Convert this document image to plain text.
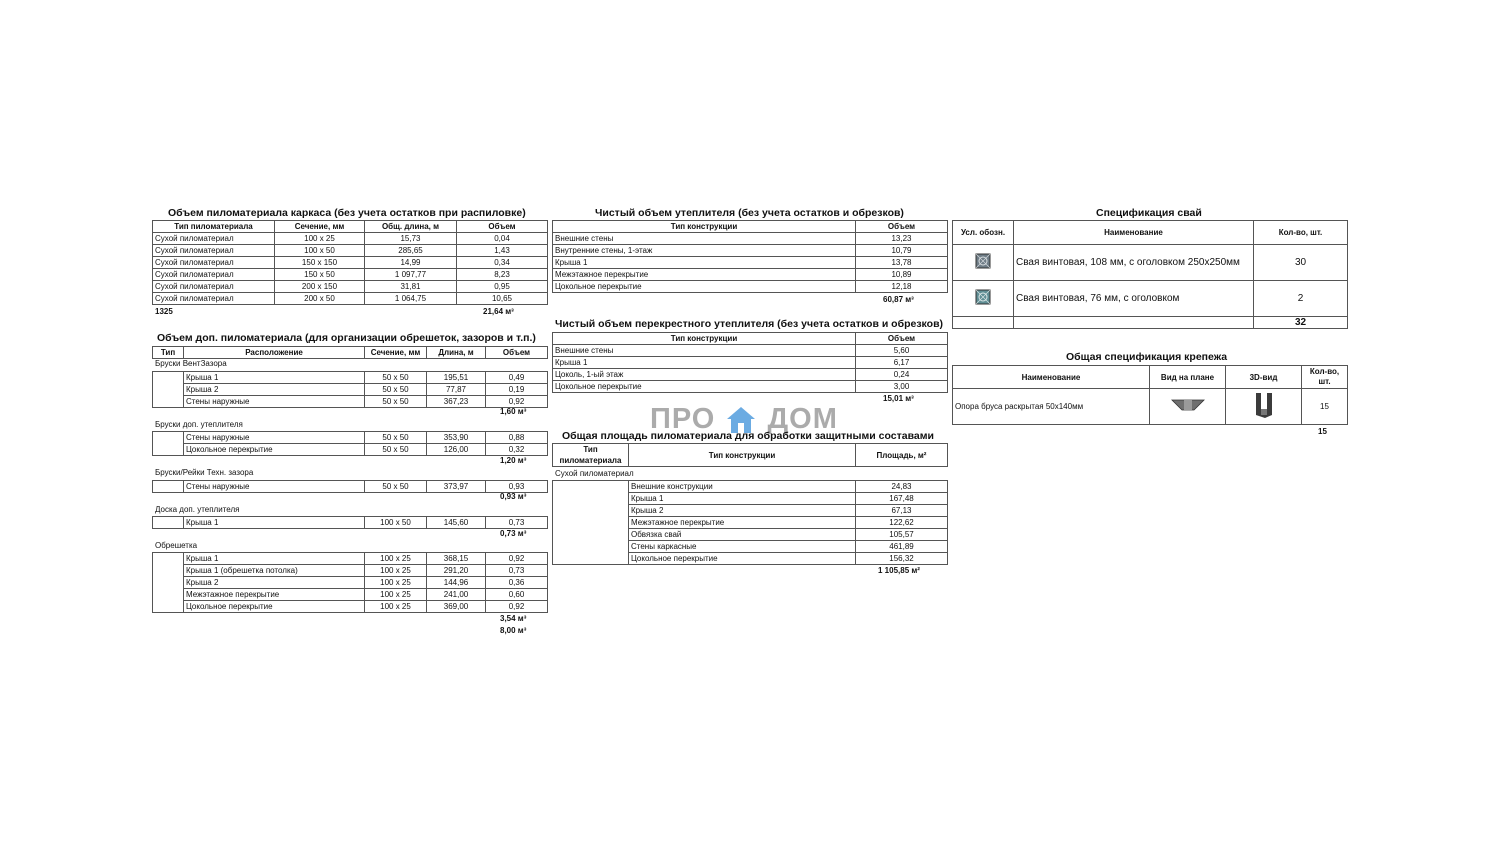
Объем пиломатериала каркаса (без учета остатков при распиловке)
Тип пиломатериала	Сечение, мм	Общ. длина, м	Объем
Сухой пиломатериал	100 x 25	15,73	0,04
Сухой пиломатериал	100 x 50	285,65	1,43
Сухой пиломатериал	150 x 150	14,99	0,34
Сухой пиломатериал	150 x 50	1 097,77	8,23
Сухой пиломатериал	200 x 150	31,81	0,95
Сухой пиломатериал	200 x 50	1 064,75	10,65
1325	21,64 м³
Объем доп. пиломатериала (для организации обрешеток, зазоров и т.п.)
Тип	Расположение	Сечение, мм	Длина, м	Объем
Бруски ВентЗазора
	Крыша 1	50 x 50	195,51	0,49
	Крыша 2	50 x 50	77,87	0,19
	Стены наружные	50 x 50	367,23	0,92
1,60 м³
Бруски доп. утеплителя
	Стены наружные	50 x 50	353,90	0,88
	Цокольное перекрытие	50 x 50	126,00	0,32
1,20 м³
Бруски/Рейки Техн. зазора
	Стены наружные	50 x 50	373,97	0,93
0,93 м³
Доска доп. утеплителя
	Крыша 1	100 x 50	145,60	0,73
0,73 м³
Обрешетка
	Крыша 1	100 x 25	368,15	0,92
	Крыша 1 (обрешетка потолка)	100 x 25	291,20	0,73
	Крыша 2	100 x 25	144,96	0,36
	Межэтажное перекрытие	100 x 25	241,00	0,60
	Цокольное перекрытие	100 x 25	369,00	0,92
3,54 м³
8,00 м³
Чистый объем утеплителя (без учета остатков и обрезков)
Тип конструкции	Объем
Внешние стены	13,23
Внутренние стены, 1-этаж	10,79
Крыша 1	13,78
Межэтажное перекрытие	10,89
Цокольное перекрытие	12,18
60,87 м³
Чистый объем перекрестного утеплителя (без учета остатков и обрезков)
Тип конструкции	Объем
Внешние стены	5,60
Крыша 1	6,17
Цоколь, 1-ый этаж	0,24
Цокольное перекрытие	3,00
15,01 м³
ПРО ДОМ
Общая площадь пиломатериала для обработки защитными составами
Тип пиломатериала	Тип конструкции	Площадь, м²
Сухой пиломатериал
	Внешние конструкции	24,83
	Крыша 1	167,48
	Крыша 2	67,13
	Межэтажное перекрытие	122,62
	Обвязка свай	105,57
	Стены каркасные	461,89
	Цокольное перекрытие	156,32
1 105,85 м²
Спецификация свай
Усл. обозн.	Наименование	Кол-во, шт.
	Свая винтовая, 108 мм, с оголовком 250х250мм	30
	Свая винтовая, 76 мм, с оголовком	2
		32
Общая спецификация крепежа
Наименование	Вид на плане	3D-вид	Кол-во, шт.
Опора бруса раскрытая 50х140мм			15
15
